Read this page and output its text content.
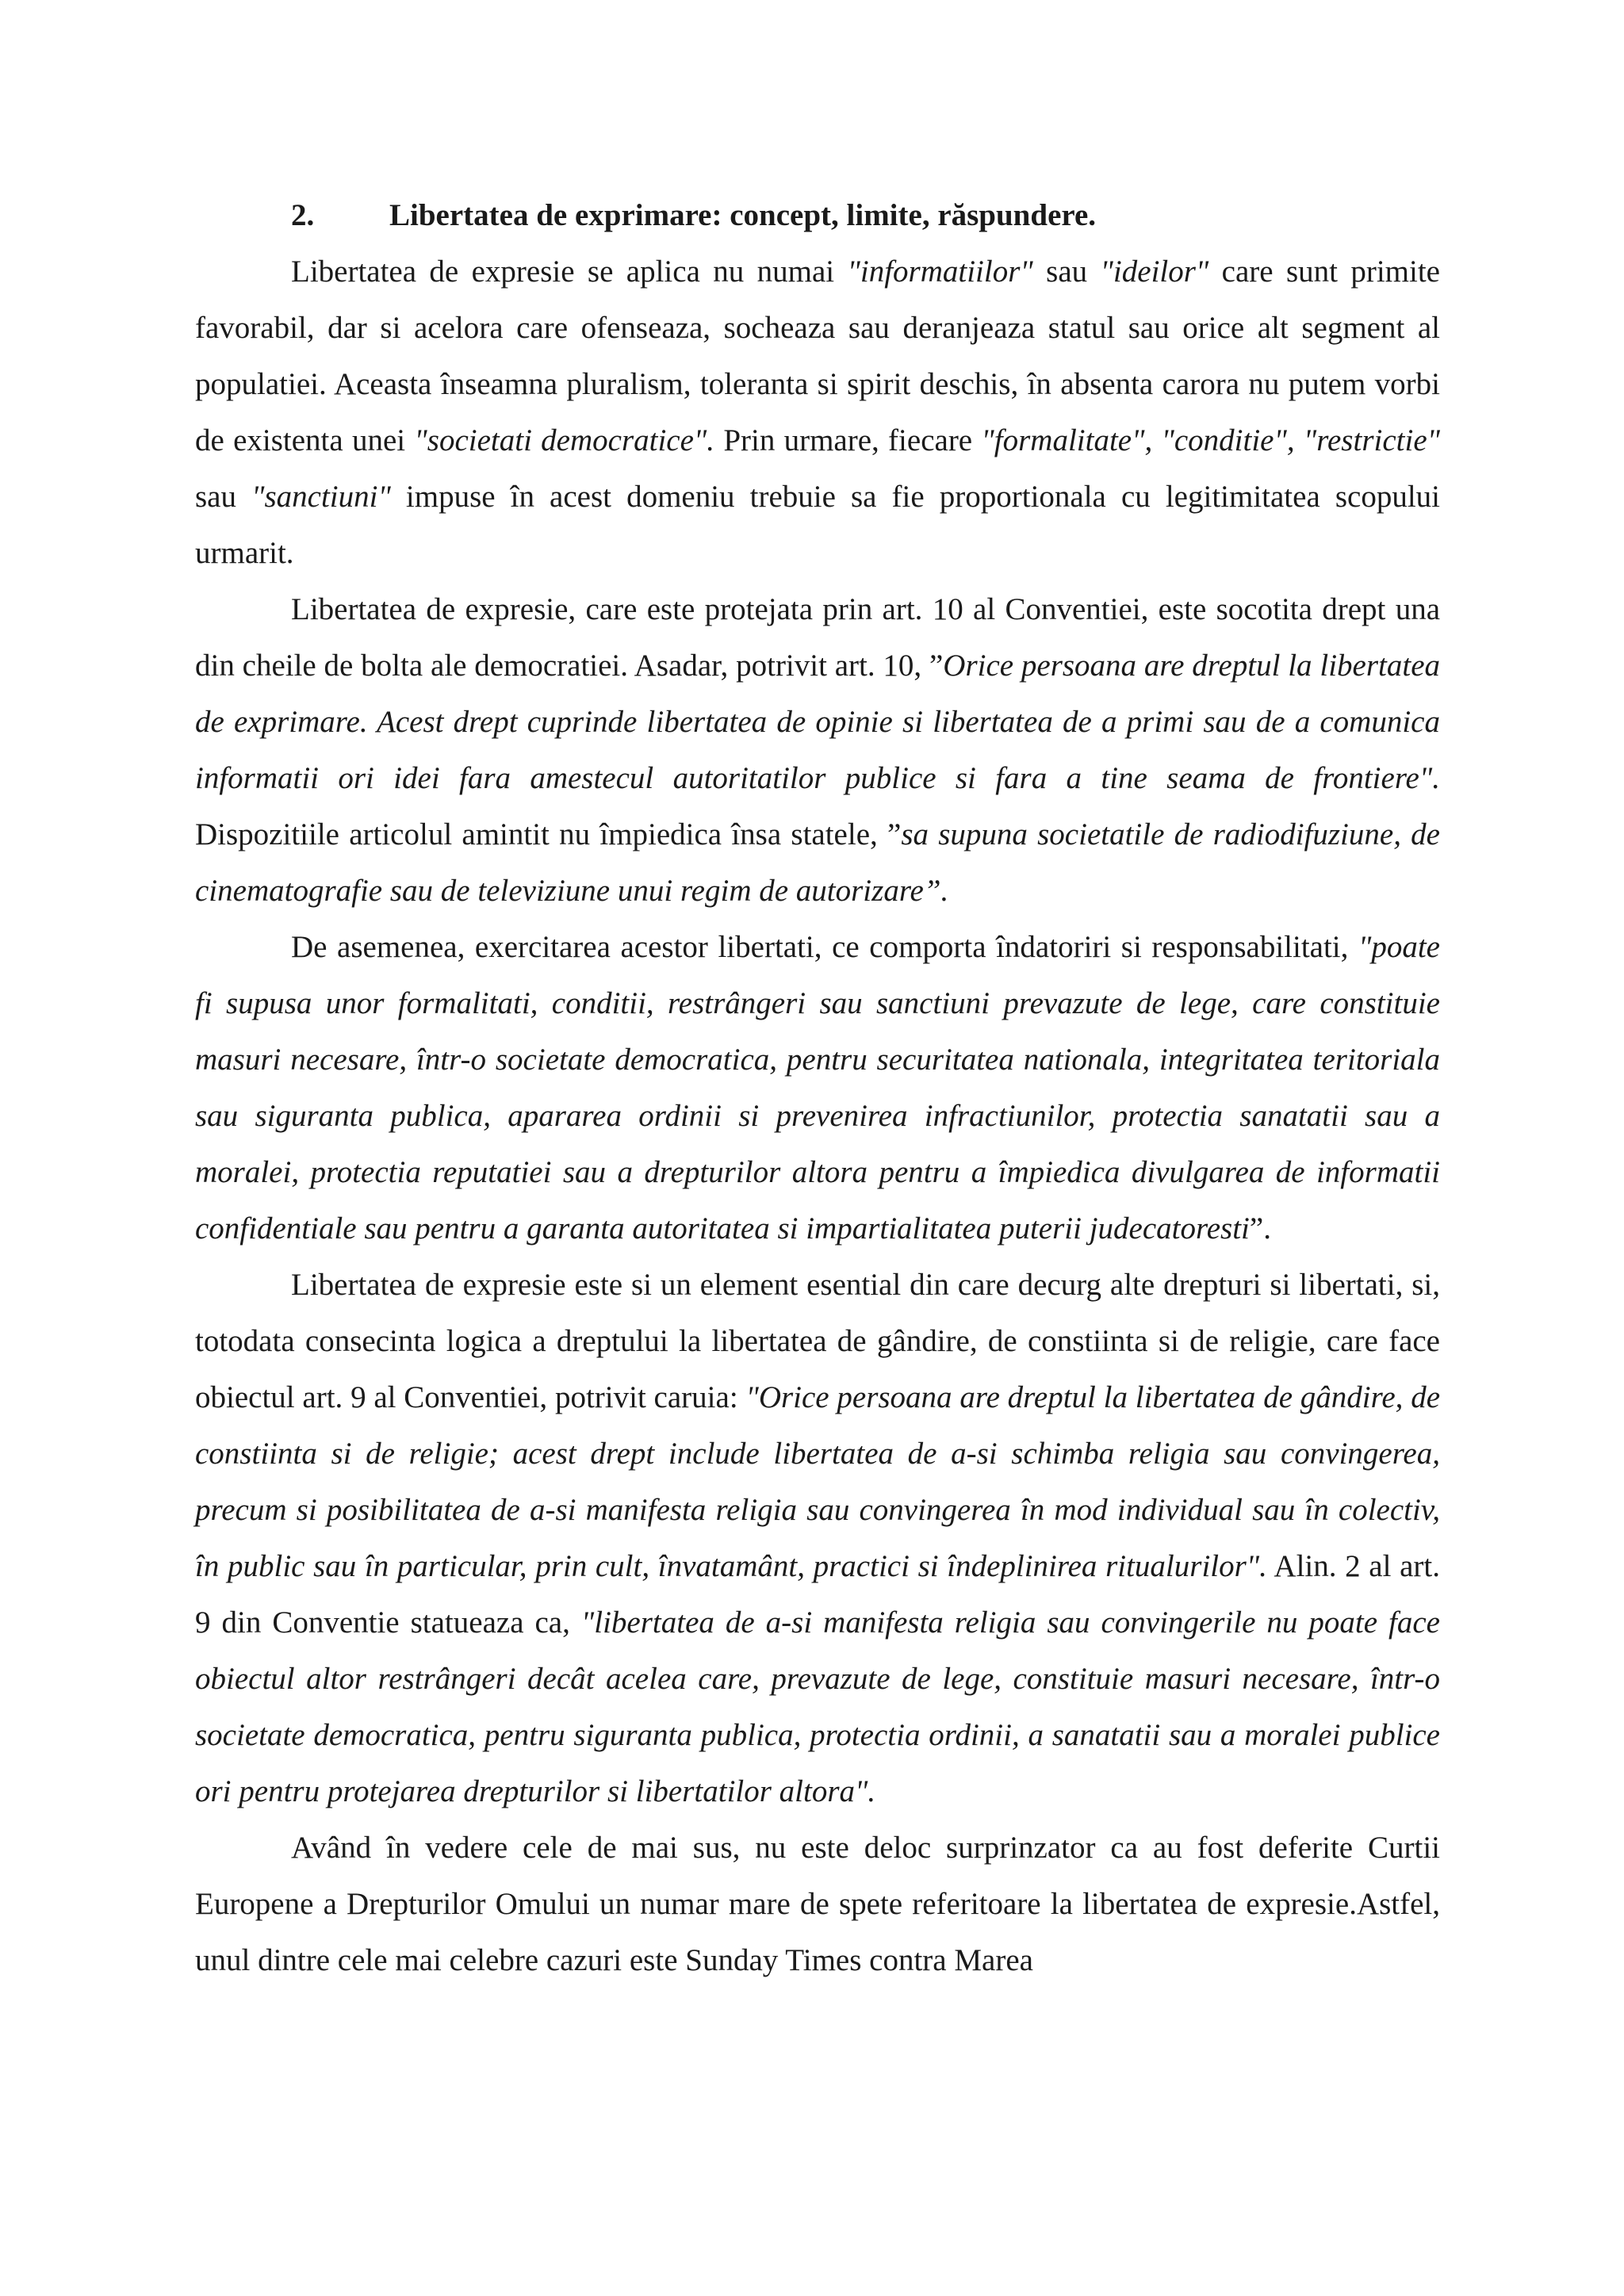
2. Libertatea de exprimare: concept, limite, răspundere.

Libertatea de expresie se aplica nu numai "informatiilor" sau "ideilor" care sunt primite favorabil, dar si acelora care ofenseaza, socheaza sau deranjeaza statul sau orice alt segment al populatiei. Aceasta înseamna pluralism, toleranta si spirit deschis, în absenta carora nu putem vorbi de existenta unei "societati democratice". Prin urmare, fiecare "formalitate", "conditie", "restrictie" sau "sanctiuni" impuse în acest domeniu trebuie sa fie proportionala cu legitimitatea scopului urmarit.

Libertatea de expresie, care este protejata prin art. 10 al Conventiei, este socotita drept una din cheile de bolta ale democratiei. Asadar, potrivit art. 10, ”Orice persoana are dreptul la libertatea de exprimare. Acest drept cuprinde libertatea de opinie si libertatea de a primi sau de a comunica informatii ori idei fara amestecul autoritatilor publice si fara a tine seama de frontiere". Dispozitiile articolul amintit nu împiedica însa statele, ”sa supuna societatile de radiodifuziune, de cinematografie sau de televiziune unui regim de autorizare”.

De asemenea, exercitarea acestor libertati, ce comporta îndatoriri si responsabilitati, "poate fi supusa unor formalitati, conditii, restrângeri sau sanctiuni prevazute de lege, care constituie masuri necesare, într-o societate democratica, pentru securitatea nationala, integritatea teritoriala sau siguranta publica, apararea ordinii si prevenirea infractiunilor, protectia sanatatii sau a moralei, protectia reputatiei sau a drepturilor altora pentru a împiedica divulgarea de informatii confidentiale sau pentru a garanta autoritatea si impartialitatea puterii judecatoresti”.

Libertatea de expresie este si un element esential din care decurg alte drepturi si libertati, si, totodata consecinta logica a dreptului la libertatea de gândire, de constiinta si de religie, care face obiectul art. 9 al Conventiei, potrivit caruia: "Orice persoana are dreptul la libertatea de gândire, de constiinta si de religie; acest drept include libertatea de a-si schimba religia sau convingerea, precum si posibilitatea de a-si manifesta religia sau convingerea în mod individual sau în colectiv, în public sau în particular, prin cult, învatamânt, practici si îndeplinirea ritualurilor". Alin. 2 al art. 9 din Conventie statueaza ca, "libertatea de a-si manifesta religia sau convingerile nu poate face obiectul altor restrângeri decât acelea care, prevazute de lege, constituie masuri necesare, într-o societate democratica, pentru siguranta publica, protectia ordinii, a sanatatii sau a moralei publice ori pentru protejarea drepturilor si libertatilor altora".

Având în vedere cele de mai sus, nu este deloc surprinzator ca au fost deferite Curtii Europene a Drepturilor Omului un numar mare de spete referitoare la libertatea de expresie.Astfel, unul dintre cele mai celebre cazuri este Sunday Times contra Marea
